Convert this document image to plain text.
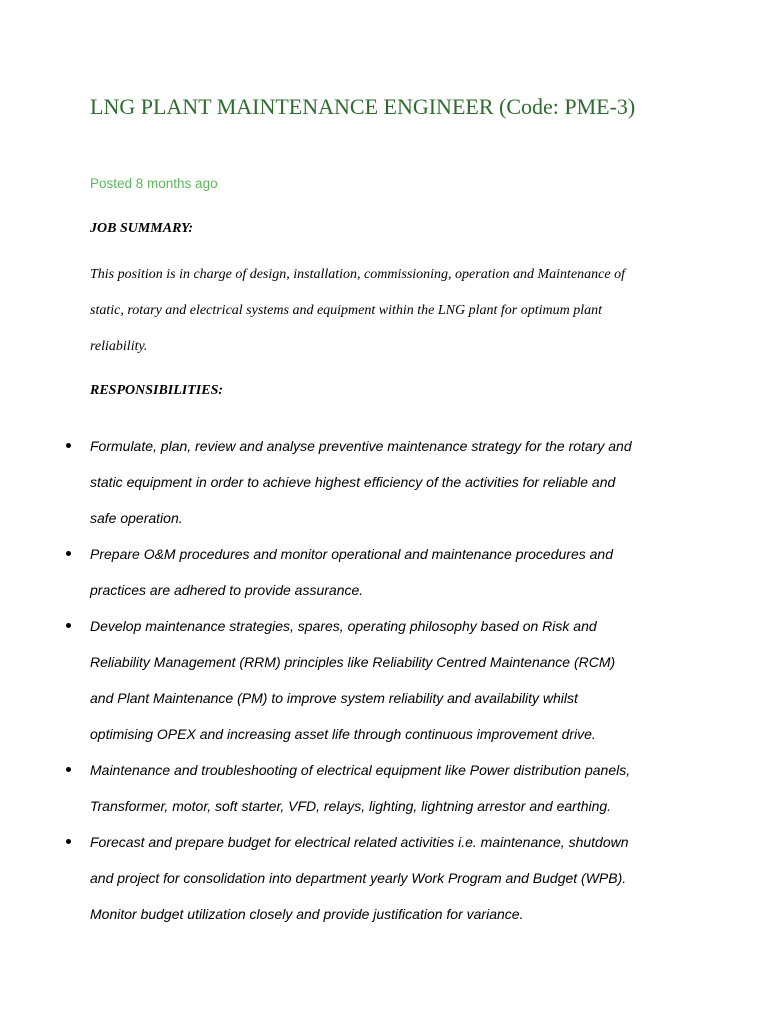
LNG PLANT MAINTENANCE ENGINEER (Code: PME-3)
Posted 8 months ago
JOB SUMMARY:
This position is in charge of design, installation, commissioning, operation and Maintenance of
static, rotary and electrical systems and equipment within the LNG plant for optimum plant
reliability.
RESPONSIBILITIES:
Formulate, plan, review and analyse preventive maintenance strategy for the rotary and
static equipment in order to achieve highest efficiency of the activities for reliable and
safe operation.
Prepare O&M procedures and monitor operational and maintenance procedures and
practices are adhered to provide assurance.
Develop maintenance strategies, spares, operating philosophy based on Risk and
Reliability Management (RRM) principles like Reliability Centred Maintenance (RCM)
and Plant Maintenance (PM) to improve system reliability and availability whilst
optimising OPEX and increasing asset life through continuous improvement drive.
Maintenance and troubleshooting of electrical equipment like Power distribution panels,
Transformer, motor, soft starter, VFD, relays, lighting, lightning arrestor and earthing.
Forecast and prepare budget for electrical related activities i.e. maintenance, shutdown
and project for consolidation into department yearly Work Program and Budget (WPB).
Monitor budget utilization closely and provide justification for variance.
